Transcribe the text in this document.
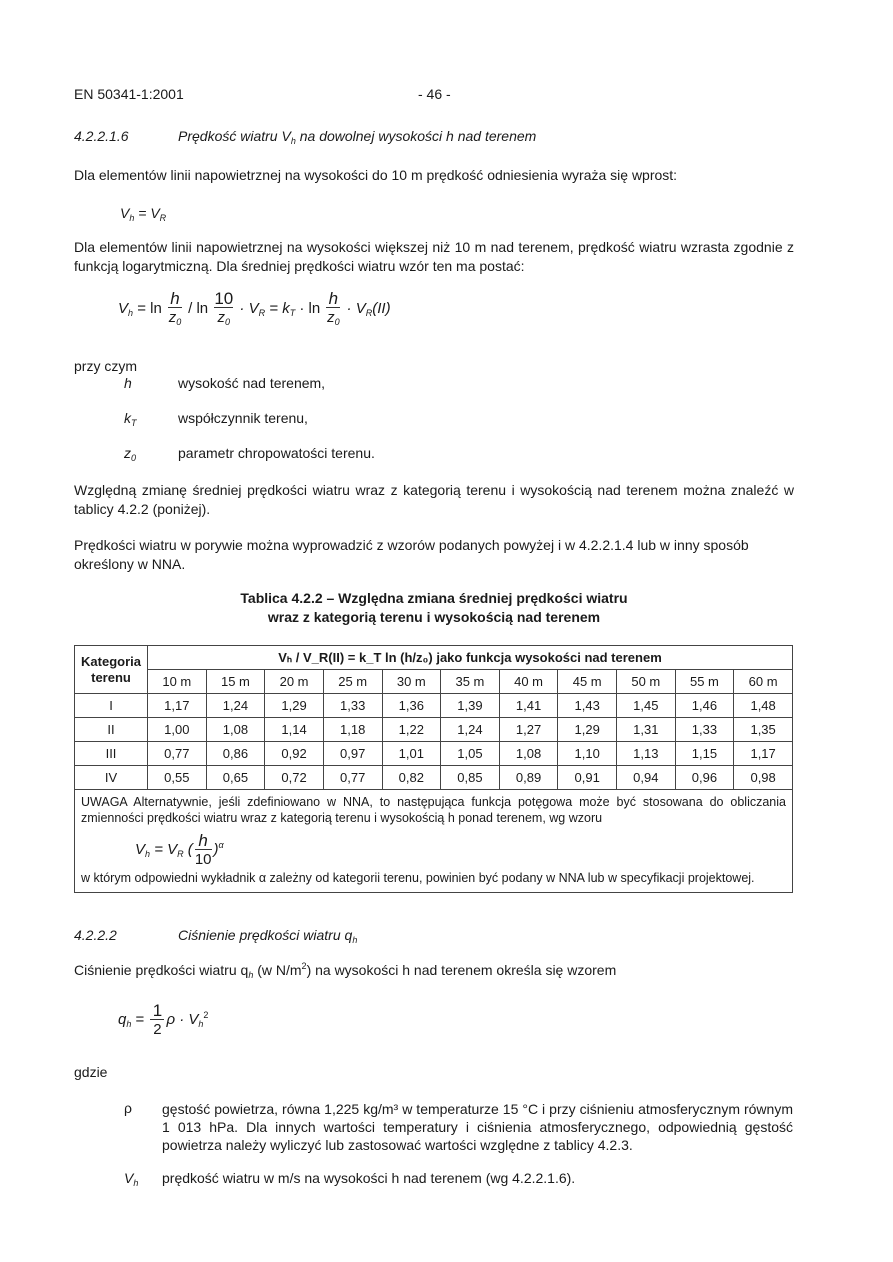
EN 50341-1:2001	- 46 -
4.2.2.1.6	Prędkość wiatru $V_h$ na dowolnej wysokości h nad terenem
Dla elementów linii napowietrznej na wysokości do 10 m prędkość odniesienia wyraża się wprost:
$V_h = V_R$
Dla elementów linii napowietrznej na wysokości większej niż 10 m nad terenem, prędkość wiatru wzrasta zgodnie z funkcją logarytmiczną. Dla średniej prędkości wiatru wzór ten ma postać:
$V_h = \ln \frac{h}{z_0} / \ln \frac{10}{z_0} \cdot V_R = k_T \cdot \ln \frac{h}{z_0} \cdot V_R(II)$
przy czym
h	wysokość nad terenem,
$k_T$	współczynnik terenu,
$z_0$	parametr chropowatości terenu.
Względną zmianę średniej prędkości wiatru wraz z kategorią terenu i wysokością nad terenem można znaleźć w tablicy 4.2.2 (poniżej).
Prędkości wiatru w porywie można wyprowadzić z wzorów podanych powyżej i w 4.2.2.1.4 lub w inny sposób określony w NNA.
Tablica 4.2.2 – Względna zmiana średniej prędkości wiatru
wraz z kategorią terenu i wysokością nad terenem
Kategoria
terenu	Vₕ / V_R(II) = k_T ln (h/z₀) jako funkcja wysokości nad terenem										
	10 m	15 m	20 m	25 m	30 m	35 m	40 m	45 m	50 m	55 m	60 m
I	1,17	1,24	1,29	1,33	1,36	1,39	1,41	1,43	1,45	1,46	1,48
II	1,00	1,08	1,14	1,18	1,22	1,24	1,27	1,29	1,31	1,33	1,35
III	0,77	0,86	0,92	0,97	1,01	1,05	1,08	1,10	1,13	1,15	1,17
IV	0,55	0,65	0,72	0,77	0,82	0,85	0,89	0,91	0,94	0,96	0,98
UWAGA Alternatywnie, jeśli zdefiniowano w NNA, to następująca funkcja potęgowa może być stosowana do obliczania zmienności prędkości wiatru wraz z kategorią terenu i wysokością h ponad terenem, wg wzoru
$V_h = V_R$ ( $\frac{h}{10} )^\alpha$
w którym odpowiedni wykładnik α zależny od kategorii terenu, powinien być podany w NNA lub w specyfikacji projektowej.
4.2.2.2	Ciśnienie prędkości wiatru $q_h$
Ciśnienie prędkości wiatru $q_h$ (w $N/m^2$) na wysokości h nad terenem określa się wzorem
$q_h = \frac{1}{2}$ $\rho \cdot V_h^2$
gdzie
ρ gęstość powietrza, równa 1,225 kg/m³ w temperaturze 15 °C i przy ciśnieniu atmosferycznym równym 1 013 hPa. Dla innych wartości temperatury i ciśnienia atmosferycznego, odpowiednią gęstość powietrza należy wyliczyć lub zastosować wartości względne z tablicy 4.2.3.
$V_h$ prędkość wiatru w m/s na wysokości h nad terenem (wg 4.2.2.1.6).
